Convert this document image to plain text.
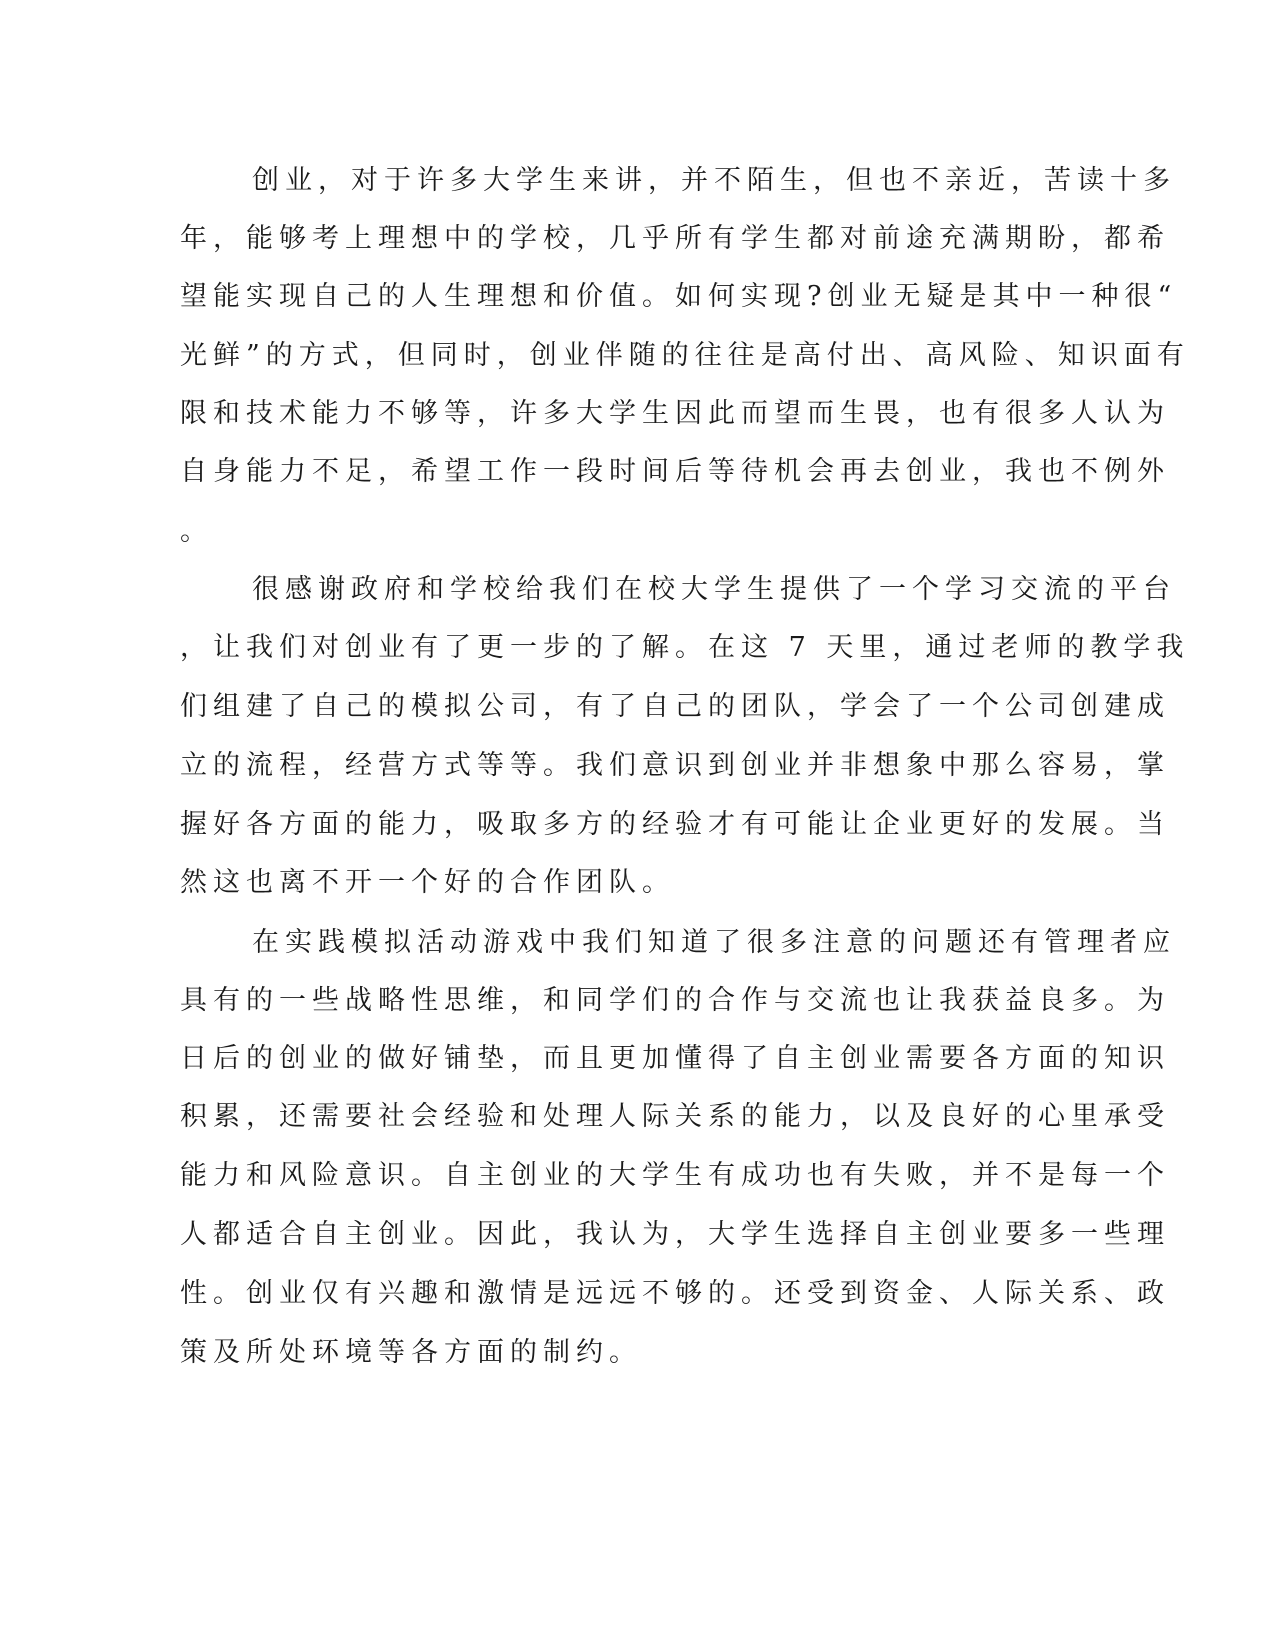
创业，对于许多大学生来讲，并不陌生，但也不亲近，苦读十多

年，能够考上理想中的学校，几乎所有学生都对前途充满期盼，都希

望能实现自己的人生理想和价值。如何实现?创业无疑是其中一种很“

光鲜”的方式，但同时，创业伴随的往往是高付出、高风险、知识面有

限和技术能力不够等，许多大学生因此而望而生畏，也有很多人认为

自身能力不足，希望工作一段时间后等待机会再去创业，我也不例外

。

很感谢政府和学校给我们在校大学生提供了一个学习交流的平台

，让我们对创业有了更一步的了解。在这 7 天里，通过老师的教学我

们组建了自己的模拟公司，有了自己的团队，学会了一个公司创建成

立的流程，经营方式等等。我们意识到创业并非想象中那么容易，掌

握好各方面的能力，吸取多方的经验才有可能让企业更好的发展。当

然这也离不开一个好的合作团队。

在实践模拟活动游戏中我们知道了很多注意的问题还有管理者应

具有的一些战略性思维，和同学们的合作与交流也让我获益良多。为

日后的创业的做好铺垫，而且更加懂得了自主创业需要各方面的知识

积累，还需要社会经验和处理人际关系的能力，以及良好的心里承受

能力和风险意识。自主创业的大学生有成功也有失败，并不是每一个

人都适合自主创业。因此，我认为，大学生选择自主创业要多一些理

性。创业仅有兴趣和激情是远远不够的。还受到资金、人际关系、政

策及所处环境等各方面的制约。
